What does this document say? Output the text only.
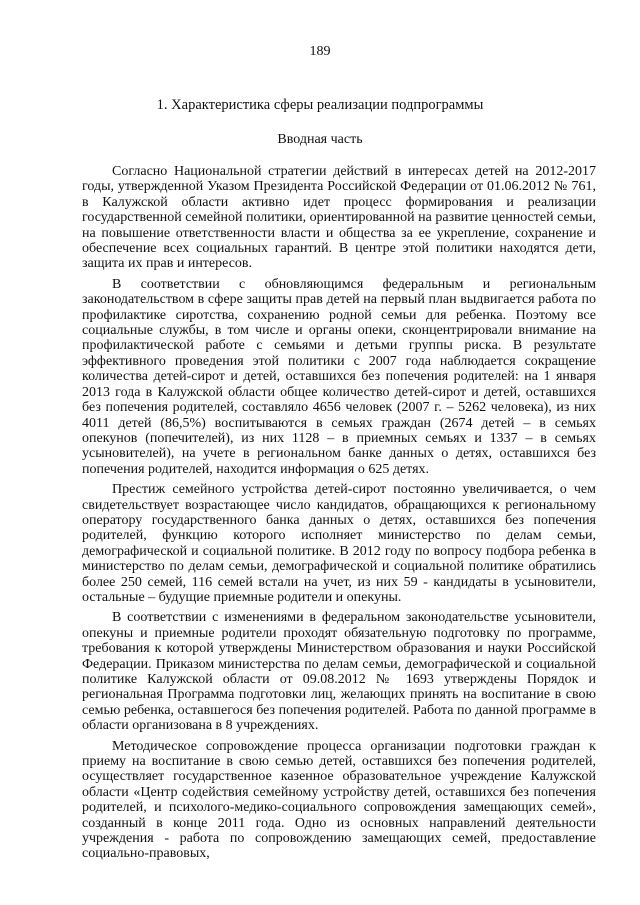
189
1. Характеристика сферы реализации подпрограммы
Вводная часть

Согласно Национальной стратегии действий в интересах детей на 2012-2017 годы, утвержденной Указом Президента Российской Федерации от 01.06.2012 № 761, в Калужской области активно идет процесс формирования и реализации государственной семейной политики, ориентированной на развитие ценностей семьи, на повышение ответственности власти и общества за ее укрепление, сохранение и обеспечение всех социальных гарантий. В центре этой политики находятся дети, защита их прав и интересов.

В соответствии с обновляющимся федеральным и региональным законодательством в сфере защиты прав детей на первый план выдвигается работа по профилактике сиротства, сохранению родной семьи для ребенка. Поэтому все социальные службы, в том числе и органы опеки, сконцентрировали внимание на профилактической работе с семьями и детьми группы риска. В результате эффективного проведения этой политики с 2007 года наблюдается сокращение количества детей-сирот и детей, оставшихся без попечения родителей: на 1 января 2013 года в Калужской области общее количество детей-сирот и детей, оставшихся без попечения родителей, составляло 4656 человек (2007 г. – 5262 человека), из них 4011 детей (86,5%) воспитываются в семьях граждан (2674 детей – в семьях опекунов (попечителей), из них 1128 – в приемных семьях и 1337 – в семьях усыновителей), на учете в региональном банке данных о детях, оставшихся без попечения родителей, находится информация о 625 детях.

Престиж семейного устройства детей-сирот постоянно увеличивается, о чем свидетельствует возрастающее число кандидатов, обращающихся к региональному оператору государственного банка данных о детях, оставшихся без попечения родителей, функцию которого исполняет министерство по делам семьи, демографической и социальной политике. В 2012 году по вопросу подбора ребенка в министерство по делам семьи, демографической и социальной политике обратились более 250 семей, 116 семей встали на учет, из них 59 - кандидаты в усыновители, остальные – будущие приемные родители и опекуны.

В соответствии с изменениями в федеральном законодательстве усыновители, опекуны и приемные родители проходят обязательную подготовку по программе, требования к которой утверждены Министерством образования и науки Российской Федерации. Приказом министерства по делам семьи, демографической и социальной политике Калужской области от 09.08.2012 № 1693 утверждены Порядок и региональная Программа подготовки лиц, желающих принять на воспитание в свою семью ребенка, оставшегося без попечения родителей. Работа по данной программе в области организована в 8 учреждениях.

Методическое сопровождение процесса организации подготовки граждан к приему на воспитание в свою семью детей, оставшихся без попечения родителей, осуществляет государственное казенное образовательное учреждение Калужской области «Центр содействия семейному устройству детей, оставшихся без попечения родителей, и психолого-медико-социального сопровождения замещающих семей», созданный в конце 2011 года. Одно из основных направлений деятельности учреждения - работа по сопровождению замещающих семей, предоставление социально-правовых,
